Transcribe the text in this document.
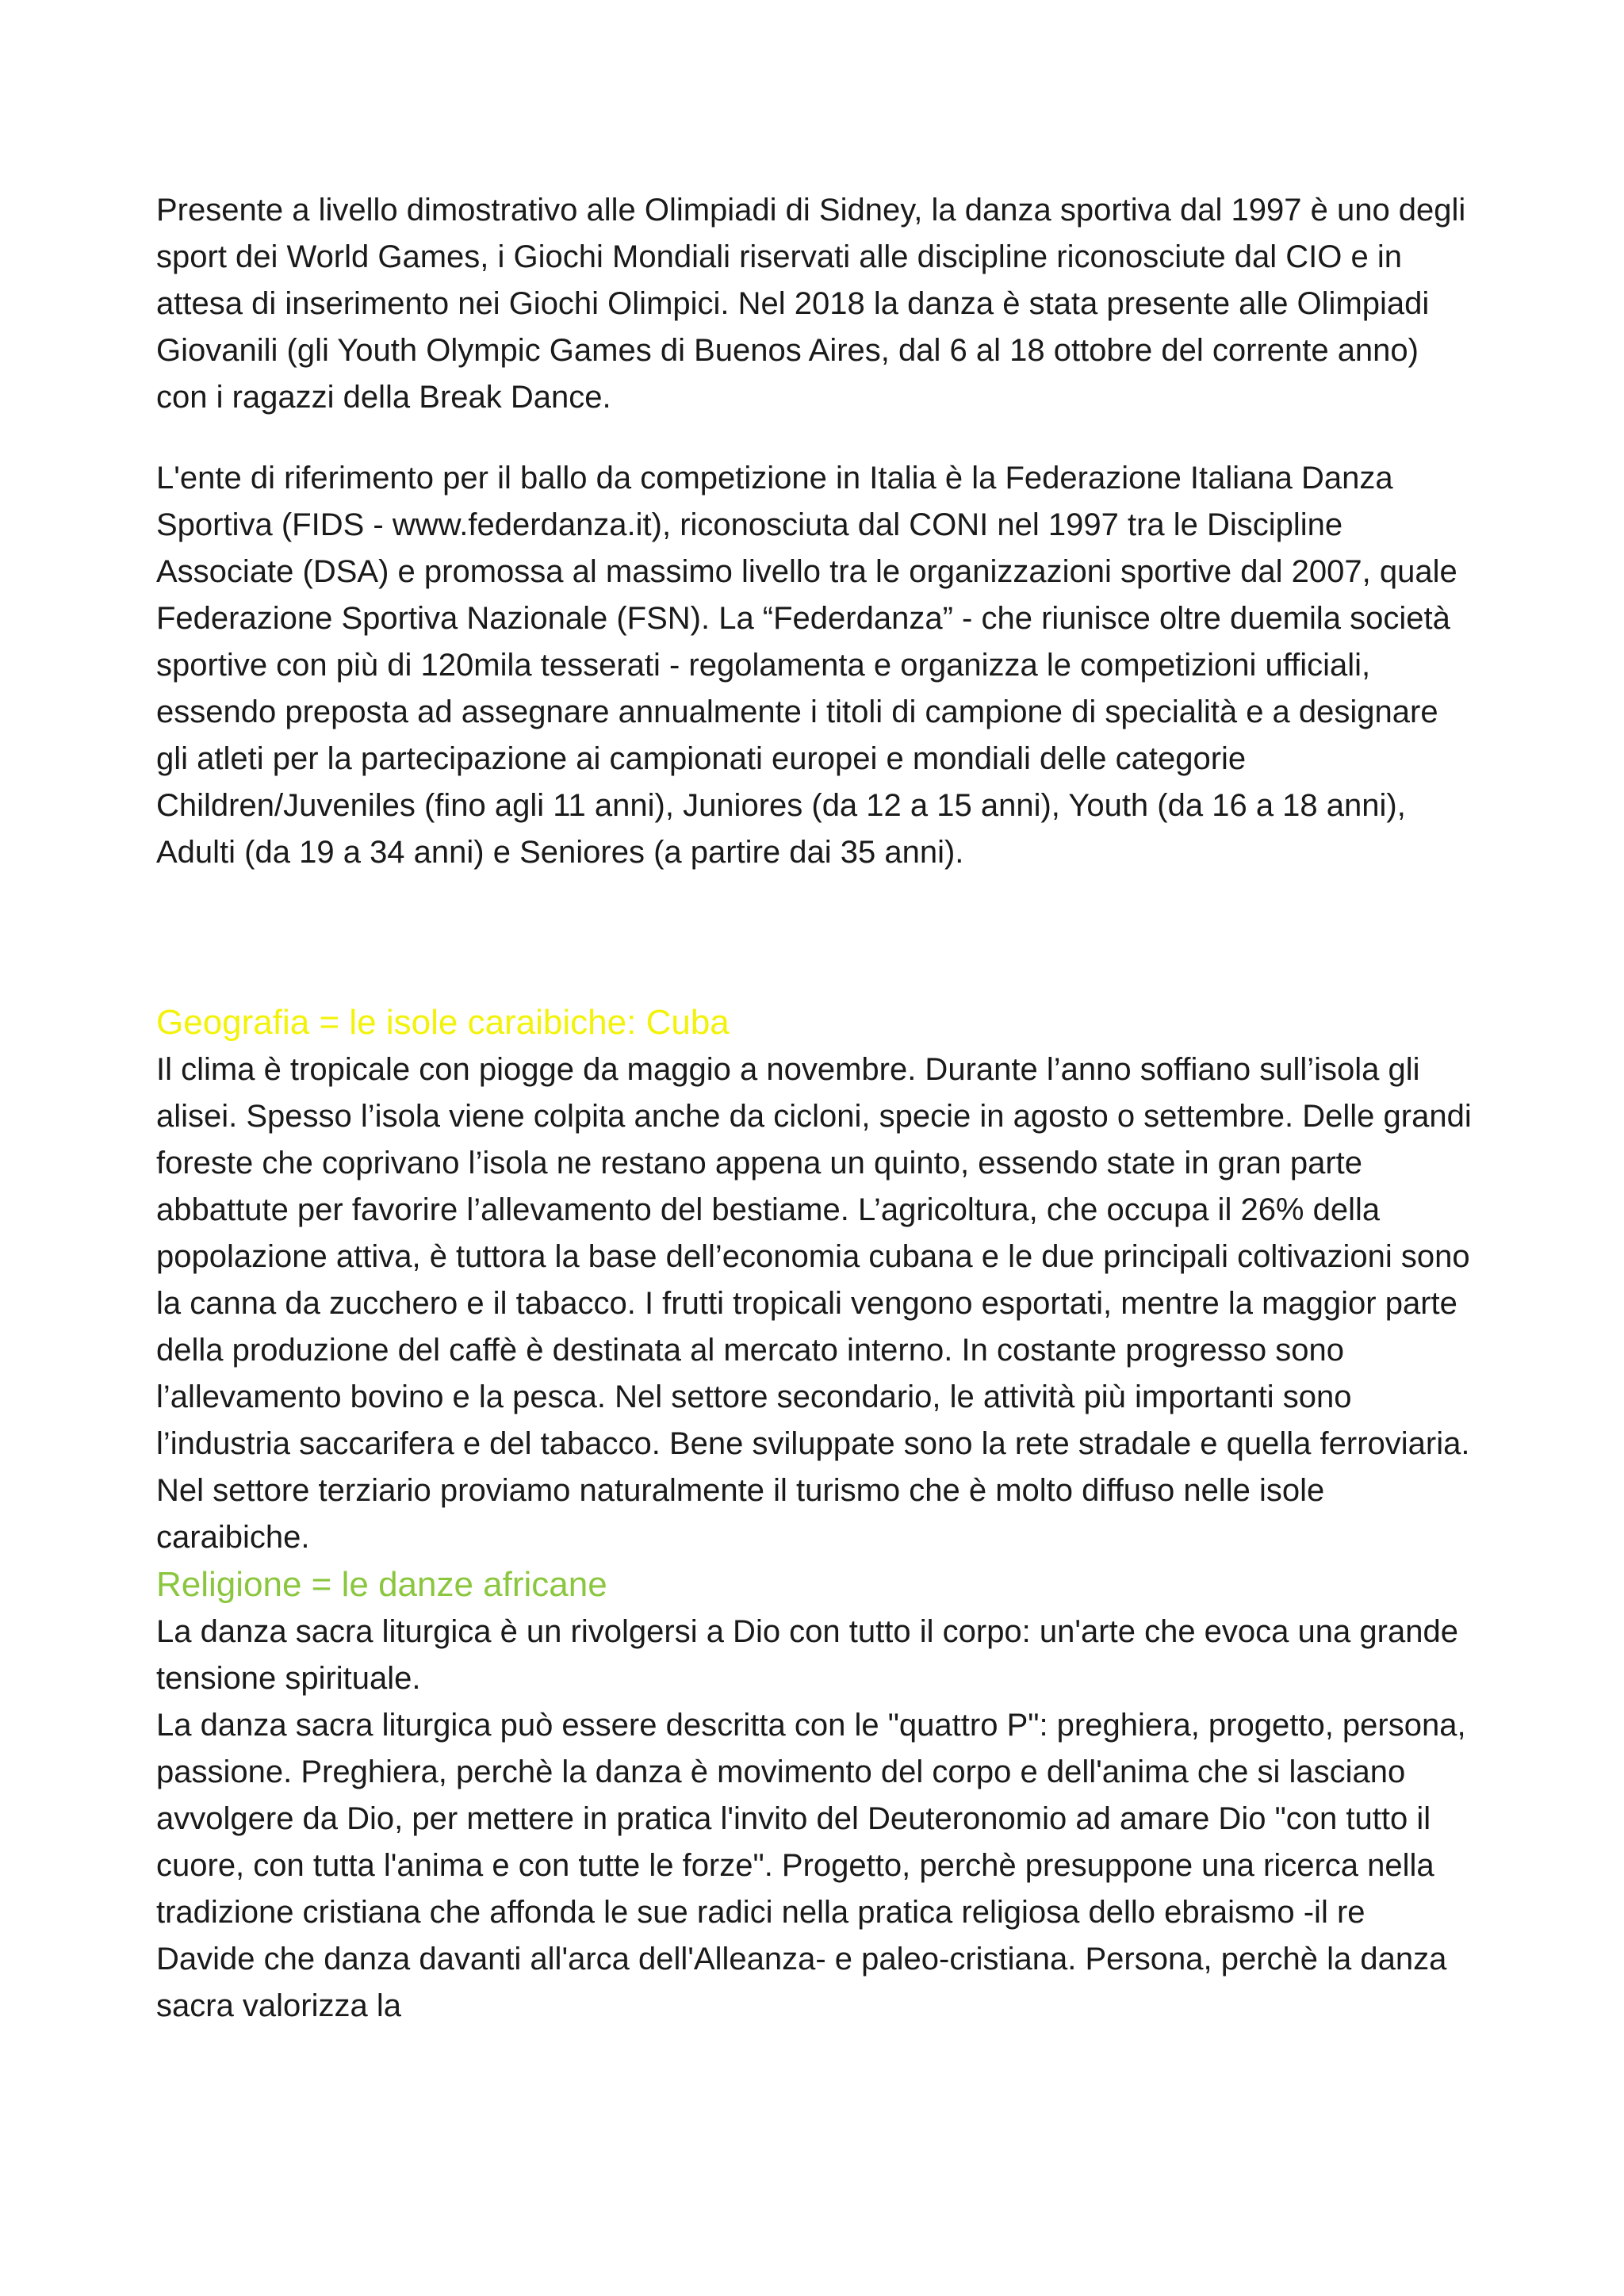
Presente a livello dimostrativo alle Olimpiadi di Sidney, la danza sportiva dal 1997 è uno degli sport dei World Games, i Giochi Mondiali riservati alle discipline riconosciute dal CIO e in attesa di inserimento nei Giochi Olimpici. Nel 2018 la danza è stata presente alle Olimpiadi Giovanili (gli Youth Olympic Games di Buenos Aires, dal 6 al 18 ottobre del corrente anno) con i ragazzi della Break Dance.

L'ente di riferimento per il ballo da competizione in Italia è la Federazione Italiana Danza Sportiva (FIDS - www.federdanza.it), riconosciuta dal CONI nel 1997 tra le Discipline Associate (DSA) e promossa al massimo livello tra le organizzazioni sportive dal 2007, quale Federazione Sportiva Nazionale (FSN). La “Federdanza” - che riunisce oltre duemila società sportive con più di 120mila tesserati - regolamenta e organizza le competizioni ufficiali, essendo preposta ad assegnare annualmente i titoli di campione di specialità e a designare gli atleti per la partecipazione ai campionati europei e mondiali delle categorie Children/Juveniles (fino agli 11 anni), Juniores (da 12 a 15 anni), Youth (da 16 a 18 anni), Adulti (da 19 a 34 anni) e Seniores (a partire dai 35 anni).

Geografia = le isole caraibiche: Cuba

Il clima è tropicale con piogge da maggio a novembre. Durante l’anno soffiano sull’isola gli alisei. Spesso l’isola viene colpita anche da cicloni, specie in agosto o settembre. Delle grandi foreste che coprivano l’isola ne restano appena un quinto, essendo state in gran parte abbattute per favorire l’allevamento del bestiame. L’agricoltura, che occupa il 26% della popolazione attiva, è tuttora la base dell’economia cubana e le due principali coltivazioni sono la canna da zucchero e il tabacco. I frutti tropicali vengono esportati, mentre la maggior parte della produzione del caffè è destinata al mercato interno. In costante progresso sono l’allevamento bovino e la pesca. Nel settore secondario, le attività più importanti sono l’industria saccarifera e del tabacco. Bene sviluppate sono la rete stradale e quella ferroviaria. Nel settore terziario proviamo naturalmente il turismo che è molto diffuso nelle isole caraibiche.

Religione = le danze africane

La danza sacra liturgica è un rivolgersi a Dio con tutto il corpo: un'arte che evoca una grande tensione spirituale.

La danza sacra liturgica può essere descritta con le "quattro P": preghiera, progetto, persona, passione. Preghiera, perchè la danza è movimento del corpo e dell'anima che si lasciano avvolgere da Dio, per mettere in pratica l'invito del Deuteronomio ad amare Dio "con tutto il cuore, con tutta l'anima e con tutte le forze". Progetto, perchè presuppone una ricerca nella tradizione cristiana che affonda le sue radici nella pratica religiosa dello ebraismo -il re Davide che danza davanti all'arca dell'Alleanza- e paleo-cristiana. Persona, perchè la danza sacra valorizza la
